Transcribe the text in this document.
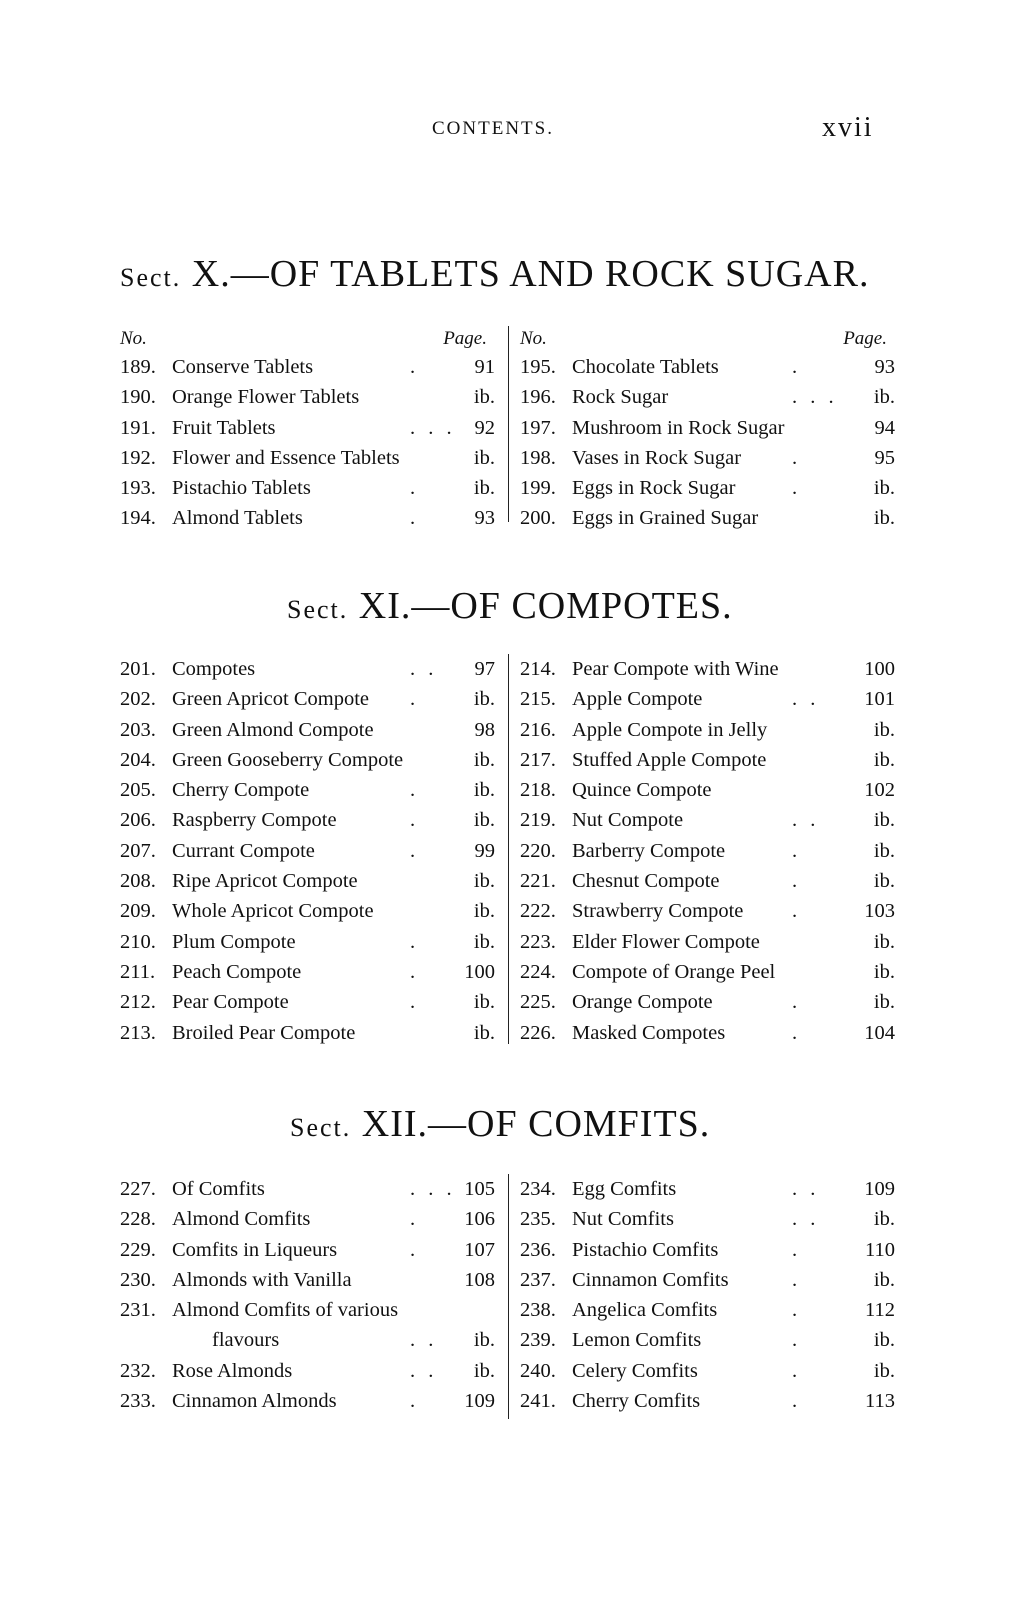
CONTENTS.	xvii
Sect. X.—OF TABLETS AND ROCK SUGAR.
No.	Page.
189. Conserve Tablets	.	91
190. Orange Flower Tablets	ib.
191. Fruit Tablets	. . . 92
192. Flower and Essence Tablets	ib.
193. Pistachio Tablets	.	ib.
194. Almond Tablets	.	93
No.	Page.
195. Chocolate Tablets	.	93
196. Rock Sugar	. . . ib.
197. Mushroom in Rock Sugar	94
198. Vases in Rock Sugar .	95
199. Eggs in Rock Sugar	.	ib.
200. Eggs in Grained Sugar	ib.
Sect. XI.—OF COMPOTES.
201. Compotes	. . 97
202. Green Apricot Compote .	ib.
203. Green Almond Compote	98
204. Green Gooseberry Compote	ib.
205. Cherry Compote	.	ib.
206. Raspberry Compote	.	ib.
207. Currant Compote	.	99
208. Ripe Apricot Compote	ib.
209. Whole Apricot Compote	ib.
210. Plum Compote	.	ib.
211. Peach Compote	. 100
212. Pear Compote	.	ib.
213. Broiled Pear Compote	ib.
214. Pear Compote with Wine	100
215. Apple Compote	. . 101
216. Apple Compote in Jelly	ib.
217. Stuffed Apple Compote	ib.
218. Quince Compote	102
219. Nut Compote	. .	ib.
220. Barberry Compote	.	ib.
221. Chesnut Compote	.	ib.
222. Strawberry Compote .	103
223. Elder Flower Compote	ib.
224. Compote of Orange Peel	ib.
225. Orange Compote	.	ib.
226. Masked Compotes	.	104
Sect. XII.—OF COMFITS.
227. Of Comfits	. . . 105
228. Almond Comfits	. 106
229. Comfits in Liqueurs	. 107
230. Almonds with Vanilla	108
231. Almond Comfits of various
flavours	. . ib.
232. Rose Almonds	. . ib.
233. Cinnamon Almonds	. 109
234. Egg Comfits	. . 109
235. Nut Comfits	. .	ib.
236. Pistachio Comfits	.	110
237. Cinnamon Comfits	.	ib.
238. Angelica Comfits	.	112
239. Lemon Comfits	.	ib.
240. Celery Comfits	.	ib.
241. Cherry Comfits	.	113
